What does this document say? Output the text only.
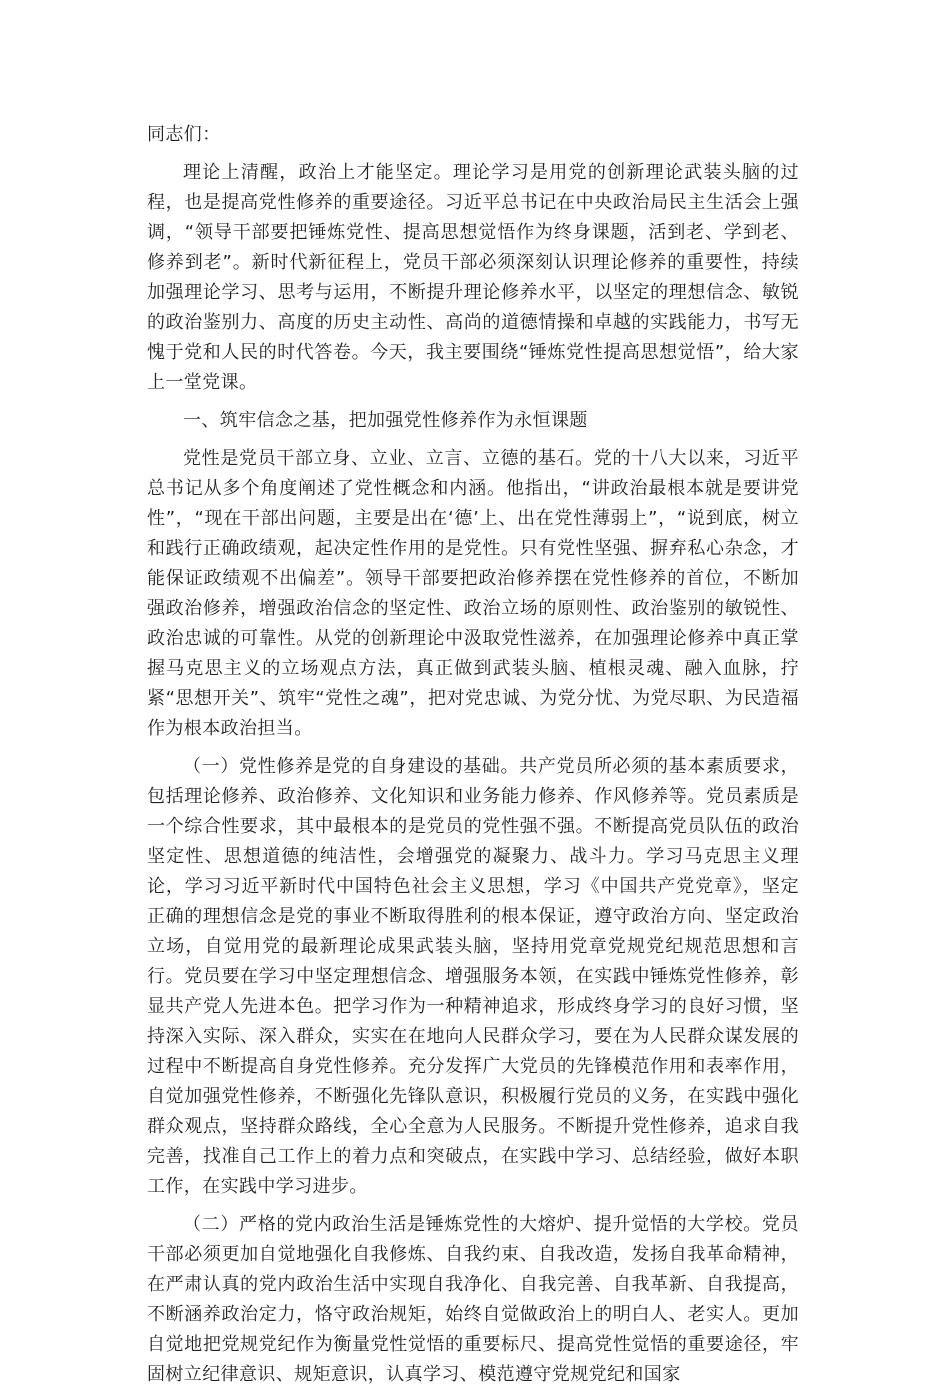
同志们：

理论上清醒，政治上才能坚定。理论学习是用党的创新理论武装头脑的过程，也是提高党性修养的重要途径。习近平总书记在中央政治局民主生活会上强调，“领导干部要把锤炼党性、提高思想觉悟作为终身课题，活到老、学到老、修养到老”。新时代新征程上，党员干部必须深刻认识理论修养的重要性，持续加强理论学习、思考与运用，不断提升理论修养水平，以坚定的理想信念、敏锐的政治鉴别力、高度的历史主动性、高尚的道德情操和卓越的实践能力，书写无愧于党和人民的时代答卷。今天，我主要围绕“锤炼党性提高思想觉悟”，给大家上一堂党课。

一、筑牢信念之基，把加强党性修养作为永恒课题

党性是党员干部立身、立业、立言、立德的基石。党的十八大以来，习近平总书记从多个角度阐述了党性概念和内涵。他指出，“讲政治最根本就是要讲党性”，“现在干部出问题，主要是出在‘德’上、出在党性薄弱上”，“说到底，树立和践行正确政绩观，起决定性作用的是党性。只有党性坚强、摒弃私心杂念，才能保证政绩观不出偏差”。领导干部要把政治修养摆在党性修养的首位，不断加强政治修养，增强政治信念的坚定性、政治立场的原则性、政治鉴别的敏锐性、政治忠诚的可靠性。从党的创新理论中汲取党性滋养，在加强理论修养中真正掌握马克思主义的立场观点方法，真正做到武装头脑、植根灵魂、融入血脉，拧紧“思想开关”、筑牢“党性之魂”，把对党忠诚、为党分忧、为党尽职、为民造福作为根本政治担当。

（一）党性修养是党的自身建设的基础。共产党员所必须的基本素质要求，包括理论修养、政治修养、文化知识和业务能力修养、作风修养等。党员素质是一个综合性要求，其中最根本的是党员的党性强不强。不断提高党员队伍的政治坚定性、思想道德的纯洁性，会增强党的凝聚力、战斗力。学习马克思主义理论，学习习近平新时代中国特色社会主义思想，学习《中国共产党党章》，坚定正确的理想信念是党的事业不断取得胜利的根本保证，遵守政治方向、坚定政治立场，自觉用党的最新理论成果武装头脑，坚持用党章党规党纪规范思想和言行。党员要在学习中坚定理想信念、增强服务本领，在实践中锤炼党性修养，彰显共产党人先进本色。把学习作为一种精神追求，形成终身学习的良好习惯，坚持深入实际、深入群众，实实在在地向人民群众学习，要在为人民群众谋发展的过程中不断提高自身党性修养。充分发挥广大党员的先锋模范作用和表率作用，自觉加强党性修养，不断强化先锋队意识，积极履行党员的义务，在实践中强化群众观点，坚持群众路线，全心全意为人民服务。不断提升党性修养，追求自我完善，找准自己工作上的着力点和突破点，在实践中学习、总结经验，做好本职工作，在实践中学习进步。

（二）严格的党内政治生活是锤炼党性的大熔炉、提升觉悟的大学校。党员干部必须更加自觉地强化自我修炼、自我约束、自我改造，发扬自我革命精神，在严肃认真的党内政治生活中实现自我净化、自我完善、自我革新、自我提高，不断涵养政治定力，恪守政治规矩，始终自觉做政治上的明白人、老实人。更加自觉地把党规党纪作为衡量党性觉悟的重要标尺、提高党性觉悟的重要途径，牢固树立纪律意识、规矩意识，认真学习、模范遵守党规党纪和国家
